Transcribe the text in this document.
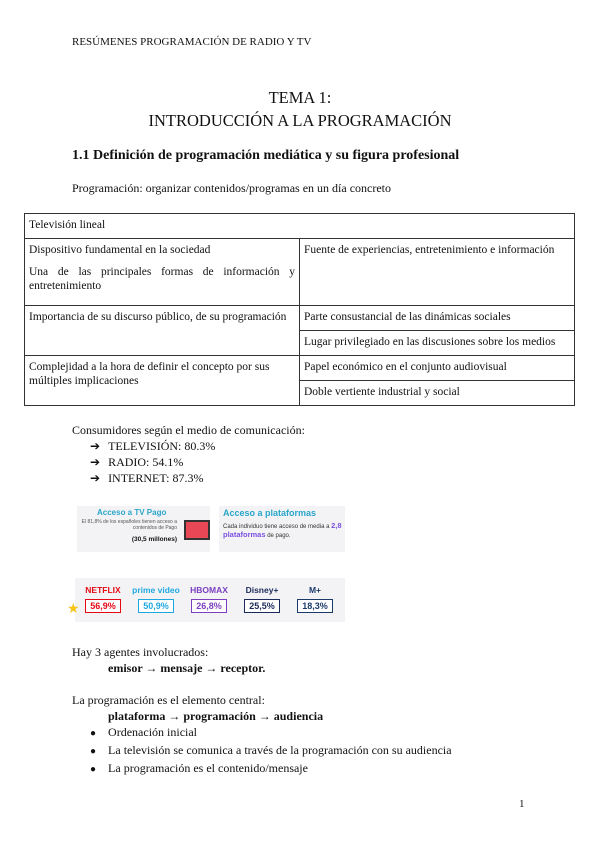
RESÚMENES PROGRAMACIÓN DE RADIO Y TV
TEMA 1:
INTRODUCCIÓN A LA PROGRAMACIÓN
1.1 Definición de programación mediática y su figura profesional
Programación: organizar contenidos/programas en un día concreto
Televisión lineal	

Dispositivo fundamental en la sociedad
Una de las principales formas de información y entretenimiento	Fuente de experiencias, entretenimiento e información
Importancia de su discurso público, de su programación	Parte consustancial de las dinámicas sociales
	Lugar privilegiado en las discusiones sobre los medios
Complejidad a la hora de definir el concepto por sus múltiples implicaciones	Papel económico en el conjunto audiovisual
	Doble vertiente industrial y social
Consumidores según el medio de comunicación:
➔ TELEVISIÓN: 80.3%
➔ RADIO: 54.1%
➔ INTERNET: 87.3%
Acceso a TV Pago
El 81,8% de los españoles tienen acceso a contenidos de Pago
(30,5 millones)
Acceso a plataformas
Cada individuo tiene acceso de media a 2,8 plataformas de pago.
★
NETFLIX
56,9%
prime video
50,9%
HBOMAX
26,8%
Disney+
25,5%
M+
18,3%
Hay 3 agentes involucrados:
emisor → mensaje → receptor.
La programación es el elemento central:
plataforma → programación → audiencia
● Ordenación inicial
● La televisión se comunica a través de la programación con su audiencia
● La programación es el contenido/mensaje
1
